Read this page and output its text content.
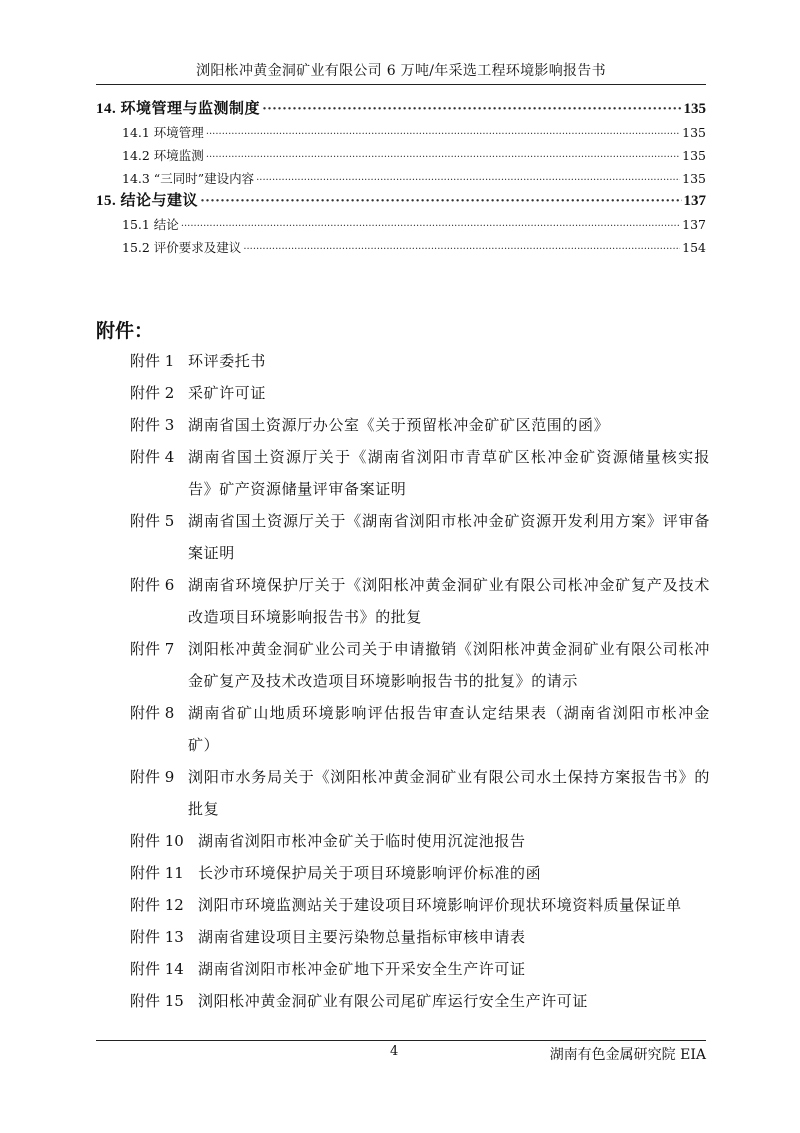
浏阳枨冲黄金洞矿业有限公司 6 万吨/年采选工程环境影响报告书
14. 环境管理与监测制度 ·····	135
14.1 环境管理 ·····	135
14.2 环境监测 ·····	135
14.3 “三同时”建设内容 ·····	135
15. 结论与建议 ·····	137
15.1 结论 ·····	137
15.2 评价要求及建议 ·····	154
附件：
附件 1 环评委托书
附件 2 采矿许可证
附件 3 湖南省国土资源厅办公室《关于预留枨冲金矿矿区范围的函》
附件 4 湖南省国土资源厅关于《湖南省浏阳市青草矿区枨冲金矿资源储量核实报告》矿产资源储量评审备案证明
附件 5 湖南省国土资源厅关于《湖南省浏阳市枨冲金矿资源开发利用方案》评审备案证明
附件 6 湖南省环境保护厅关于《浏阳枨冲黄金洞矿业有限公司枨冲金矿复产及技术改造项目环境影响报告书》的批复
附件 7 浏阳枨冲黄金洞矿业公司关于申请撤销《浏阳枨冲黄金洞矿业有限公司枨冲金矿复产及技术改造项目环境影响报告书的批复》的请示
附件 8 湖南省矿山地质环境影响评估报告审查认定结果表（湖南省浏阳市枨冲金矿）
附件 9 浏阳市水务局关于《浏阳枨冲黄金洞矿业有限公司水土保持方案报告书》的批复
附件 10 湖南省浏阳市枨冲金矿关于临时使用沉淀池报告
附件 11 长沙市环境保护局关于项目环境影响评价标准的函
附件 12 浏阳市环境监测站关于建设项目环境影响评价现状环境资料质量保证单
附件 13 湖南省建设项目主要污染物总量指标审核申请表
附件 14 湖南省浏阳市枨冲金矿地下开采安全生产许可证
附件 15 浏阳枨冲黄金洞矿业有限公司尾矿库运行安全生产许可证
4	湖南有色金属研究院 EIA
